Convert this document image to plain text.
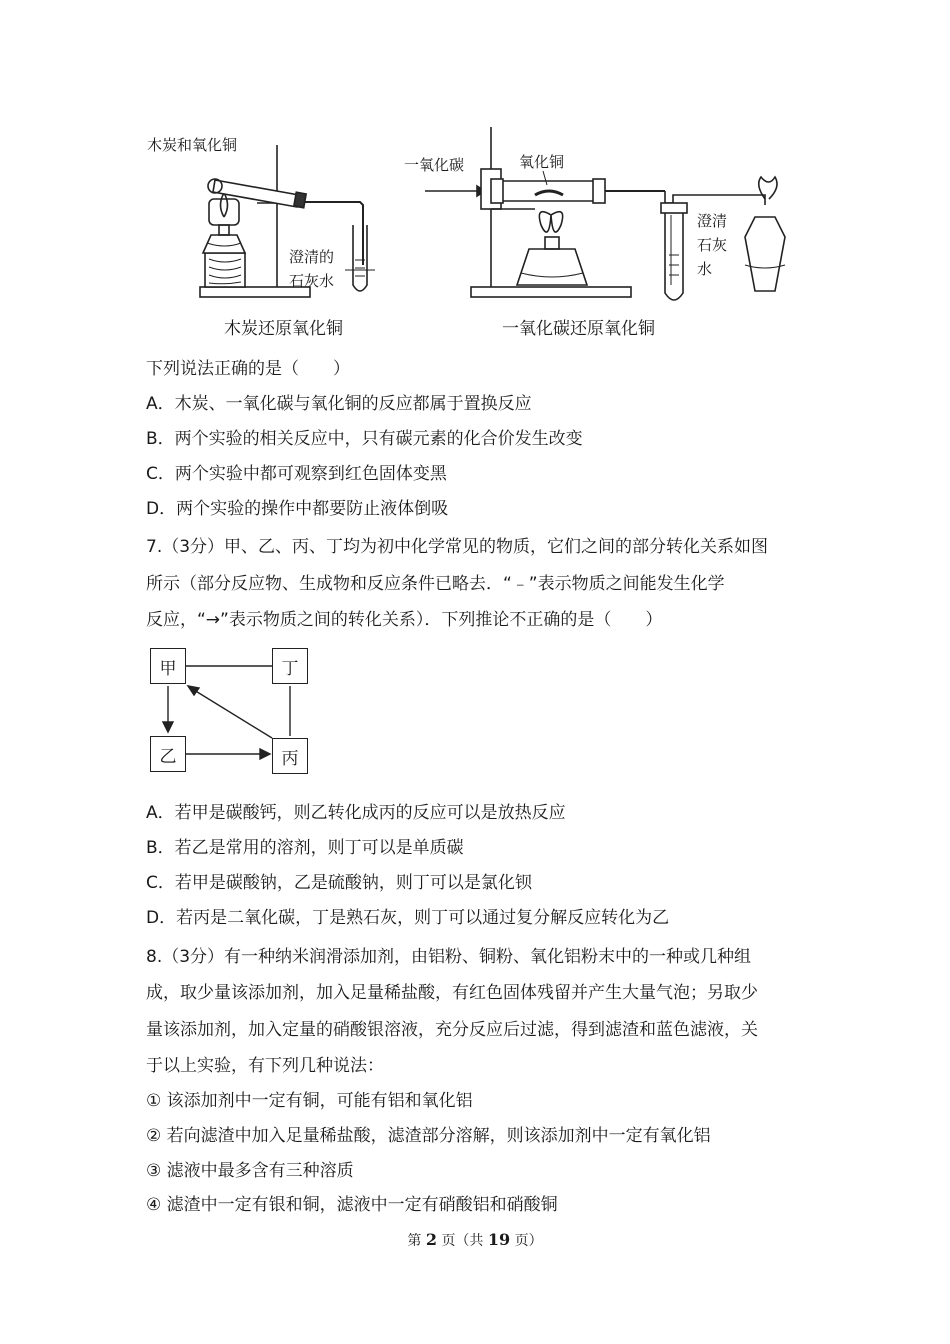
木炭和氧化铜
澄清的
石灰水
木炭还原氧化铜
一氧化碳	氧化铜
澄清
石灰
水
一氧化碳还原氧化铜
下列说法正确的是（　　）
A．木炭、一氧化碳与氧化铜的反应都属于置换反应
B．两个实验的相关反应中，只有碳元素的化合价发生改变
C．两个实验中都可观察到红色固体变黑
D．两个实验的操作中都要防止液体倒吸
7.（3分）甲、乙、丙、丁均为初中化学常见的物质，它们之间的部分转化关系如图
所示（部分反应物、生成物和反应条件已略去．“﹣”表示物质之间能发生化学
反应，“→”表示物质之间的转化关系）．下列推论不正确的是（　　）
甲	丁
乙	丙
A．若甲是碳酸钙，则乙转化成丙的反应可以是放热反应
B．若乙是常用的溶剂，则丁可以是单质碳
C．若甲是碳酸钠，乙是硫酸钠，则丁可以是氯化钡
D．若丙是二氧化碳，丁是熟石灰，则丁可以通过复分解反应转化为乙
8.（3分）有一种纳米润滑添加剂，由铝粉、铜粉、氧化铝粉末中的一种或几种组
成，取少量该添加剂，加入足量稀盐酸，有红色固体残留并产生大量气泡；另取少
量该添加剂，加入定量的硝酸银溶液，充分反应后过滤，得到滤渣和蓝色滤液，关
于以上实验，有下列几种说法：
① 该添加剂中一定有铜，可能有铝和氧化铝
② 若向滤渣中加入足量稀盐酸，滤渣部分溶解，则该添加剂中一定有氧化铝
③ 滤液中最多含有三种溶质
④ 滤渣中一定有银和铜，滤液中一定有硝酸铝和硝酸铜
第 2 页（共 19 页）
